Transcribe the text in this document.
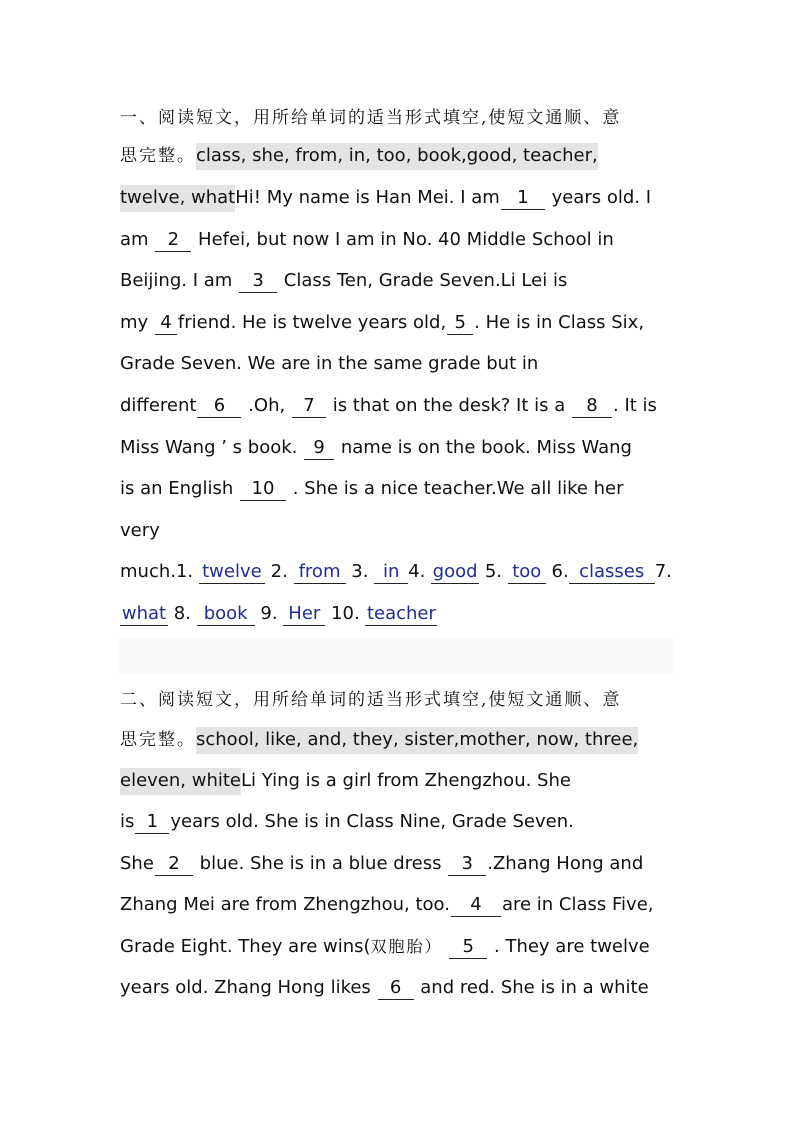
一、阅读短文，用所给单词的适当形式填空,使短文通顺、意
思完整。class, she, from, in, too, book,good, teacher,
twelve, whatHi! My name is Han Mei. I am 1 years old. I
am 2 Hefei, but now I am in No. 40 Middle School in
Beijing. I am 3 Class Ten, Grade Seven.Li Lei is
my 4 friend. He is twelve years old, 5 . He is in Class Six,
Grade Seven. We are in the same grade but in
different 6 .Oh, 7 is that on the desk? It is a 8 . It is
Miss Wang ’ s book. 9 name is on the book. Miss Wang
is an English 10 . She is a nice teacher.We all like her
very
much.1. twelve 2. from 3. in 4. good 5. too 6. classes 7.
what 8. book 9. Her 10. teacher
二、阅读短文，用所给单词的适当形式填空,使短文通顺、意
思完整。school, like, and, they, sister,mother, now, three,
eleven, whiteLi Ying is a girl from Zhengzhou. She
is 1 years old. She is in Class Nine, Grade Seven.
She 2 blue. She is in a blue dress 3 .Zhang Hong and
Zhang Mei are from Zhengzhou, too. 4 are in Class Five,
Grade Eight. They are wins(双胞胎） 5 . They are twelve
years old. Zhang Hong likes 6 and red. She is in a white
